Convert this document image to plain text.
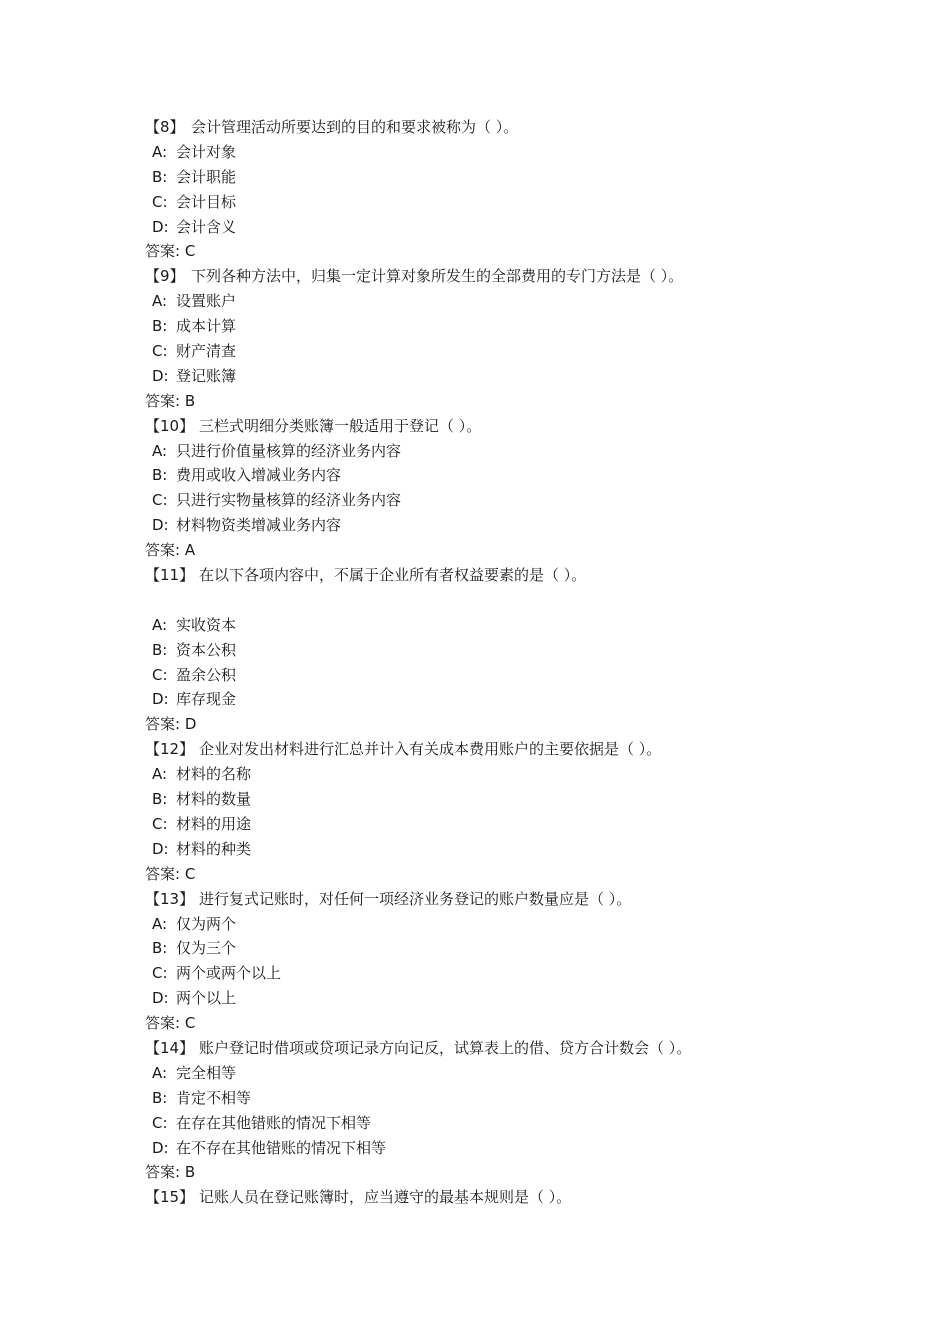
【8】 会计管理活动所要达到的目的和要求被称为（ ）。
A: 会计对象
B: 会计职能
C: 会计目标
D: 会计含义
答案: C
【9】 下列各种方法中，归集一定计算对象所发生的全部费用的专门方法是（ ）。
A: 设置账户
B: 成本计算
C: 财产清查
D: 登记账簿
答案: B
【10】 三栏式明细分类账簿一般适用于登记（ ）。
A: 只进行价值量核算的经济业务内容
B: 费用或收入增减业务内容
C: 只进行实物量核算的经济业务内容
D: 材料物资类增减业务内容
答案: A
【11】 在以下各项内容中，不属于企业所有者权益要素的是（ ）。
A: 实收资本
B: 资本公积
C: 盈余公积
D: 库存现金
答案: D
【12】 企业对发出材料进行汇总并计入有关成本费用账户的主要依据是（ ）。
A: 材料的名称
B: 材料的数量
C: 材料的用途
D: 材料的种类
答案: C
【13】 进行复式记账时，对任何一项经济业务登记的账户数量应是（ ）。
A: 仅为两个
B: 仅为三个
C: 两个或两个以上
D: 两个以上
答案: C
【14】 账户登记时借项或贷项记录方向记反，试算表上的借、贷方合计数会（ ）。
A: 完全相等
B: 肯定不相等
C: 在存在其他错账的情况下相等
D: 在不存在其他错账的情况下相等
答案: B
【15】 记账人员在登记账簿时，应当遵守的最基本规则是（ ）。
